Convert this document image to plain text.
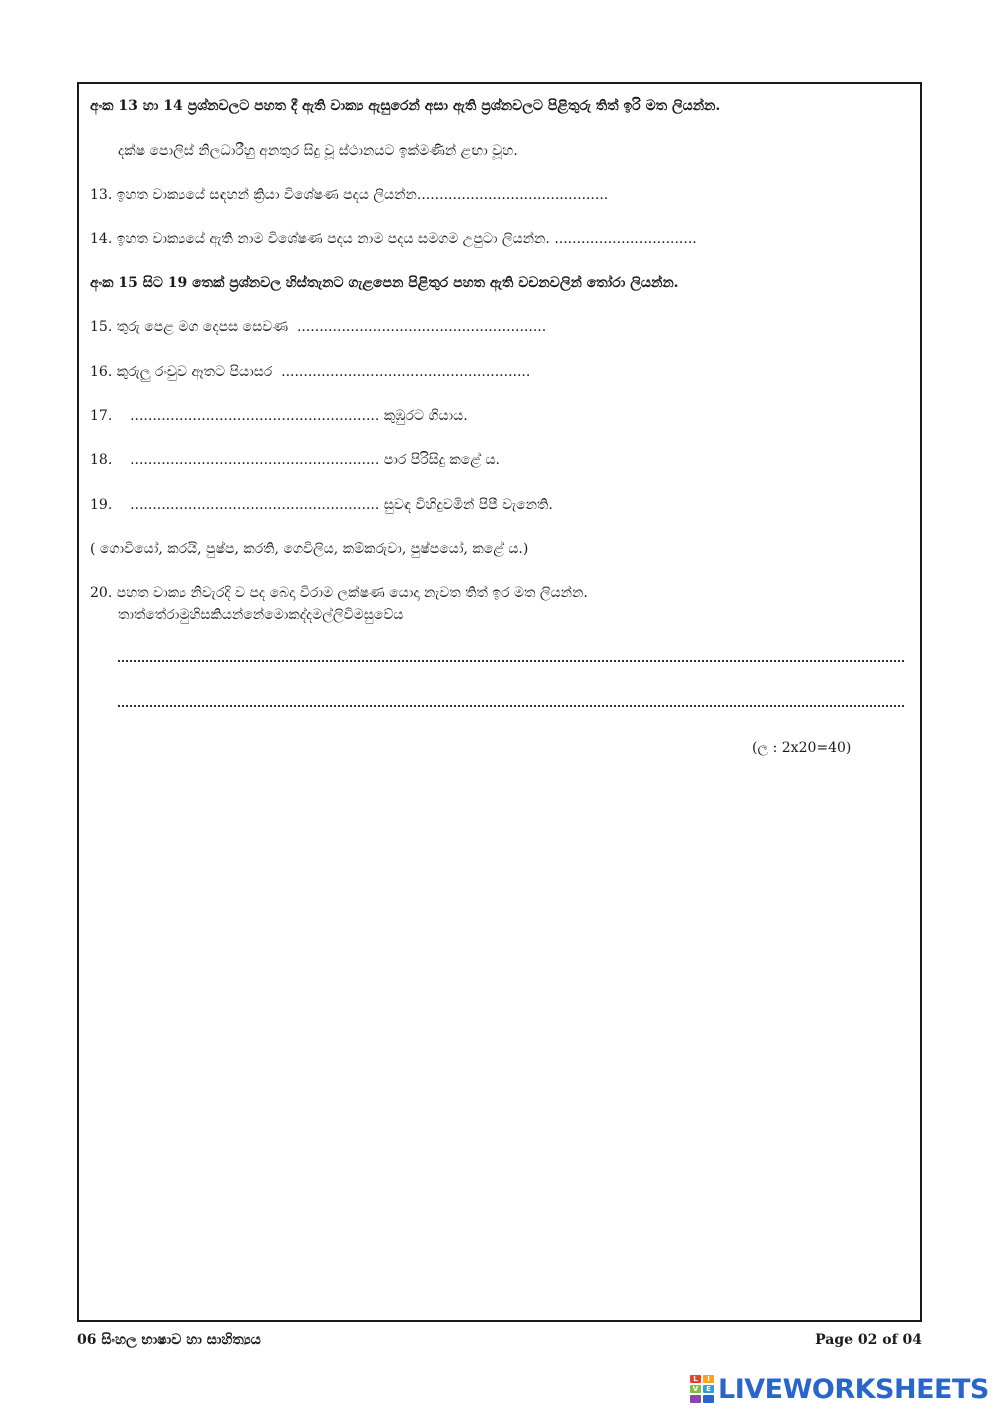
අංක 13 හා 14 ප්‍රශ්නවලට පහත දී ඇති වාක්‍ය ඇසුරෙන් අසා ඇති ප්‍රශ්නවලට පිළිතුරු තිත් ඉරි මත ලියන්න.
දක්ෂ පොලිස් නිලධාරීහු අනතුර සිදු වූ ස්ථානයට ඉක්මණින් ළඟා වූහ.
13. ඉහත වාක්‍යයේ සඳහන් ක්‍රියා විශේෂණ පදය ලියන්න...........................................
14. ඉහත වාක්‍යයේ ඇති නාම විශේෂණ පදය නාම පදය සමගම උපුටා ලියන්න. ................................
අංක 15 සිට 19 තෙක් ප්‍රශ්නවල හිස්තැනට ගැළපෙන පිළිතුර පහත ඇති වචනවලින් තෝරා ලියන්න.
15. තුරු පෙළ මග දෙපස සෙවණ ........................................................
16. කුරුලු රංචුව ඈතට පියාසර ........................................................
17. ........................................................ කුඹුරට ගියාය.
18. ........................................................ පාර පිරිසිදු කළේ ය.
19. ........................................................ සුවඳ විහිදුවමින් පිපී වැනෙති.
( ගොවියෝ, කරයි, පුෂ්ප, කරති, ගෙවිලිය, කම්කරුවා, පුෂ්පයෝ, කළේ ය.)
20. පහත වාක්‍ය නිවැරදි ව පද බෙදා විරාම ලක්ෂණ යොදා නැවත තිත් ඉර මත ලියන්න.
තාත්තේරාමුහිසකියන්නේමොකද්දමල්ලිවිමසුවේය
(ල : 2x20=40)
06 සිංහල භාෂාව හා සාහිත්‍යය	Page 02 of 04
L	I
V	E LIVEWORKSHEETS
